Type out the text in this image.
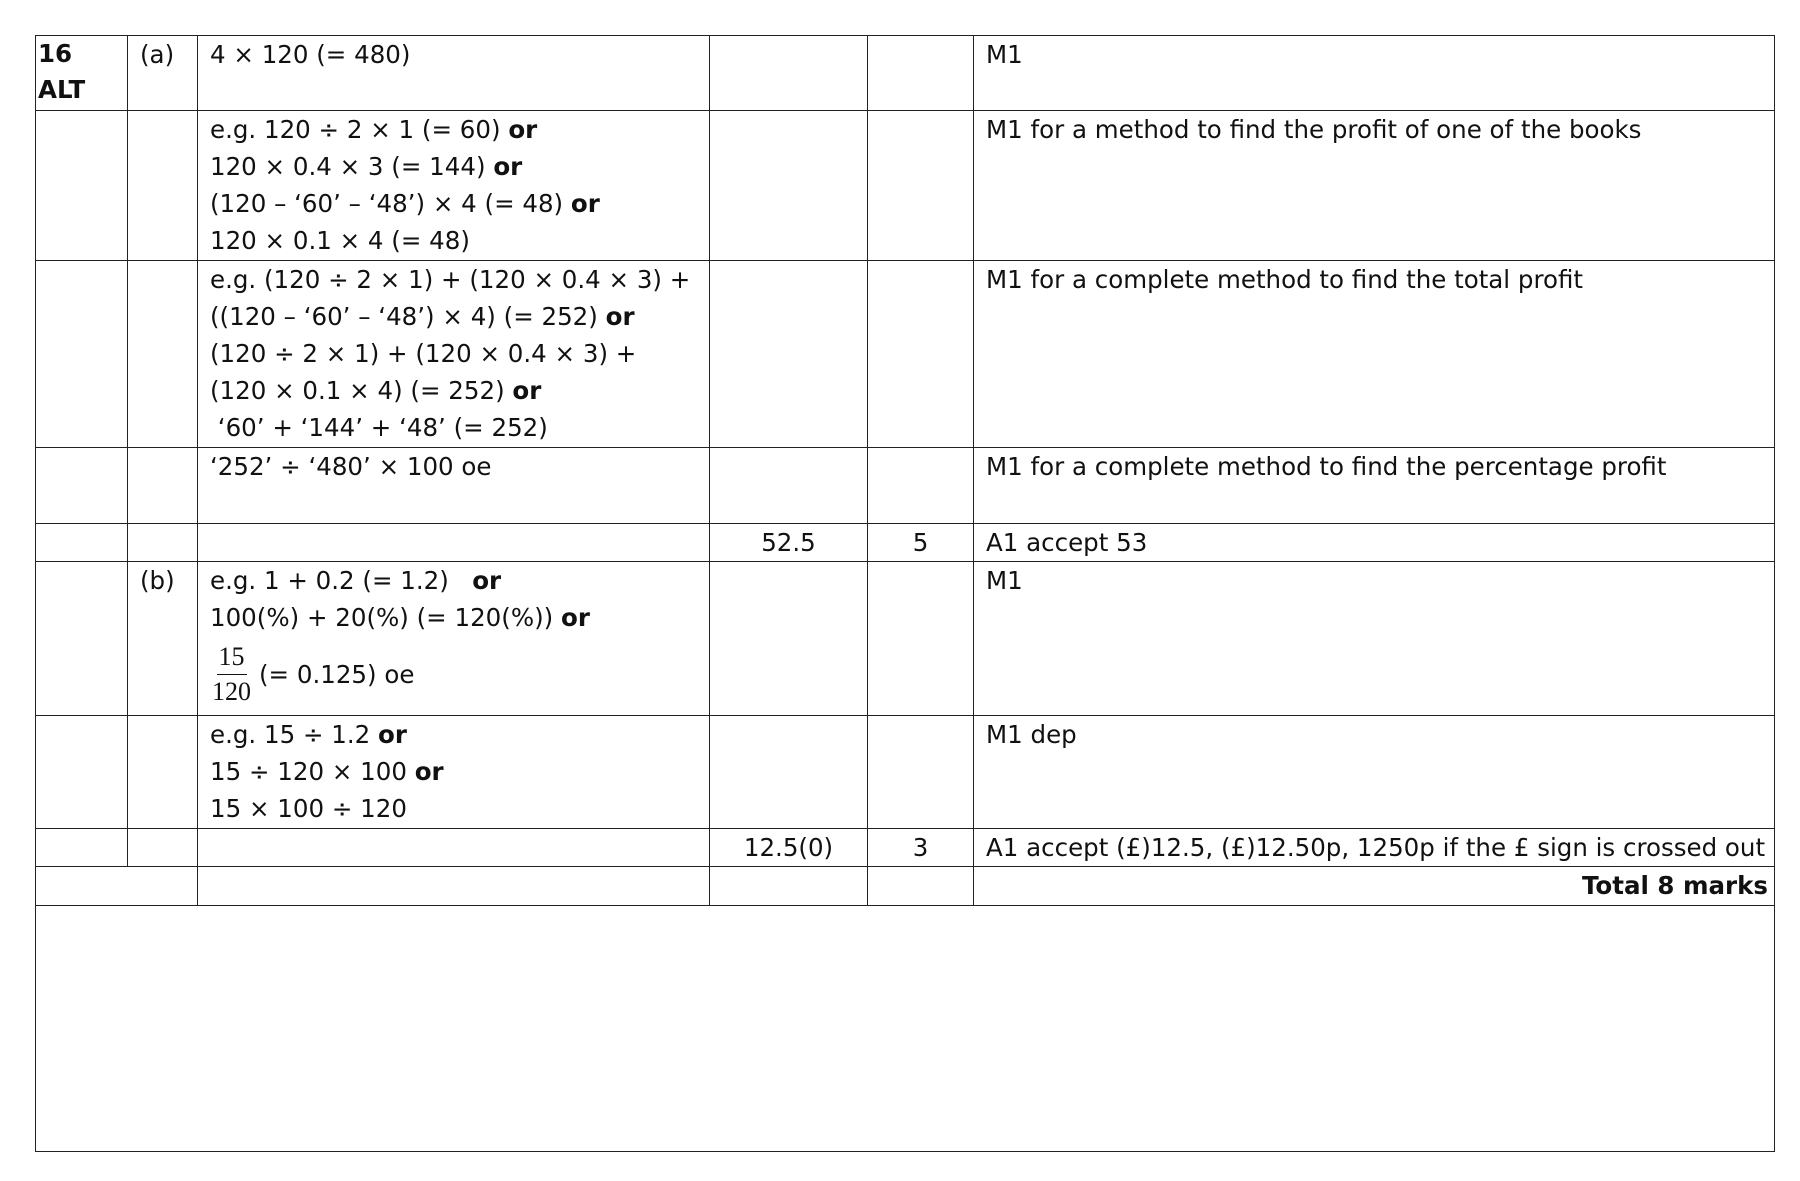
16
ALT	(a)	4 × 120 (= 480)			M1

		e.g. 120 ÷ 2 × 1 (= 60) or
120 × 0.4 × 3 (= 144) or
(120 – ‘60’ – ‘48’) × 4 (= 48) or
120 × 0.1 × 4 (= 48)			M1 for a method to find the profit of one of the books

		e.g. (120 ÷ 2 × 1) + (120 × 0.4 × 3) +
((120 – ‘60’ – ‘48’) × 4) (= 252) or
(120 ÷ 2 × 1) + (120 × 0.4 × 3) +
(120 × 0.1 × 4) (= 252) or
‘60’ + ‘144’ + ‘48’ (= 252)			M1 for a complete method to find the total profit

		‘252’ ÷ ‘480’ × 100 oe			M1 for a complete method to find the percentage profit
			52.5	5	A1 accept 53
	(b)	e.g. 1 + 0.2 (= 1.2)   or
100(%) + 20(%) (= 120(%)) or
$\frac{15}{120}$ (= 0.125) oe			M1

		e.g. 15 ÷ 1.2 or
15 ÷ 120 × 100 or
15 × 100 ÷ 120			M1 dep
			12.5(0)	3	A1 accept (£)12.5, (£)12.50p, 1250p if the £ sign is crossed out
					Total 8 marks
